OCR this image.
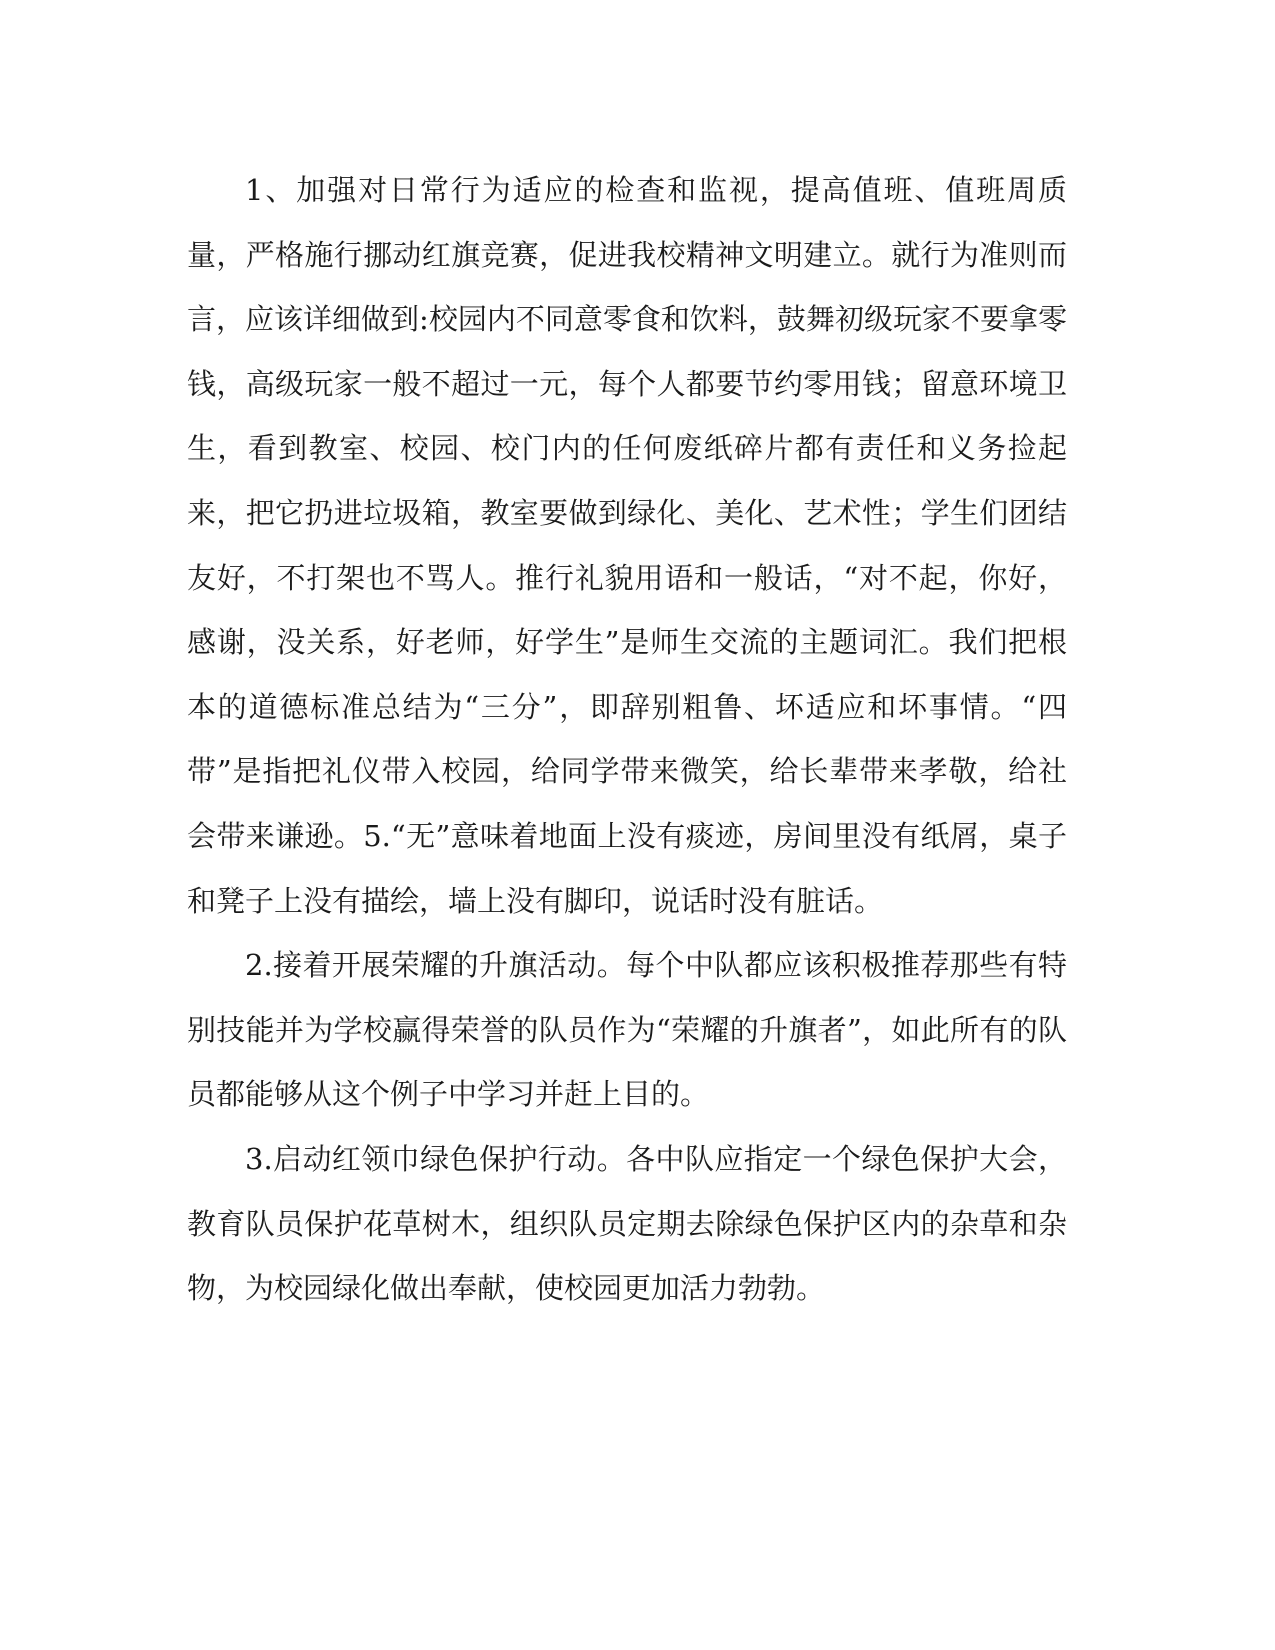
1、加强对日常行为适应的检查和监视，提高值班、值班周质量，严格施行挪动红旗竞赛，促进我校精神文明建立。就行为准则而言，应该详细做到:校园内不同意零食和饮料，鼓舞初级玩家不要拿零钱，高级玩家一般不超过一元，每个人都要节约零用钱；留意环境卫生，看到教室、校园、校门内的任何废纸碎片都有责任和义务捡起来，把它扔进垃圾箱，教室要做到绿化、美化、艺术性；学生们团结友好，不打架也不骂人。推行礼貌用语和一般话，“对不起，你好，感谢，没关系，好老师，好学生”是师生交流的主题词汇。我们把根本的道德标准总结为“三分”，即辞别粗鲁、坏适应和坏事情。“四带”是指把礼仪带入校园，给同学带来微笑，给长辈带来孝敬，给社会带来谦逊。5.“无”意味着地面上没有痰迹，房间里没有纸屑，桌子和凳子上没有描绘，墙上没有脚印，说话时没有脏话。

2.接着开展荣耀的升旗活动。每个中队都应该积极推荐那些有特别技能并为学校赢得荣誉的队员作为“荣耀的升旗者”，如此所有的队员都能够从这个例子中学习并赶上目的。

3.启动红领巾绿色保护行动。各中队应指定一个绿色保护大会，教育队员保护花草树木，组织队员定期去除绿色保护区内的杂草和杂物，为校园绿化做出奉献，使校园更加活力勃勃。
